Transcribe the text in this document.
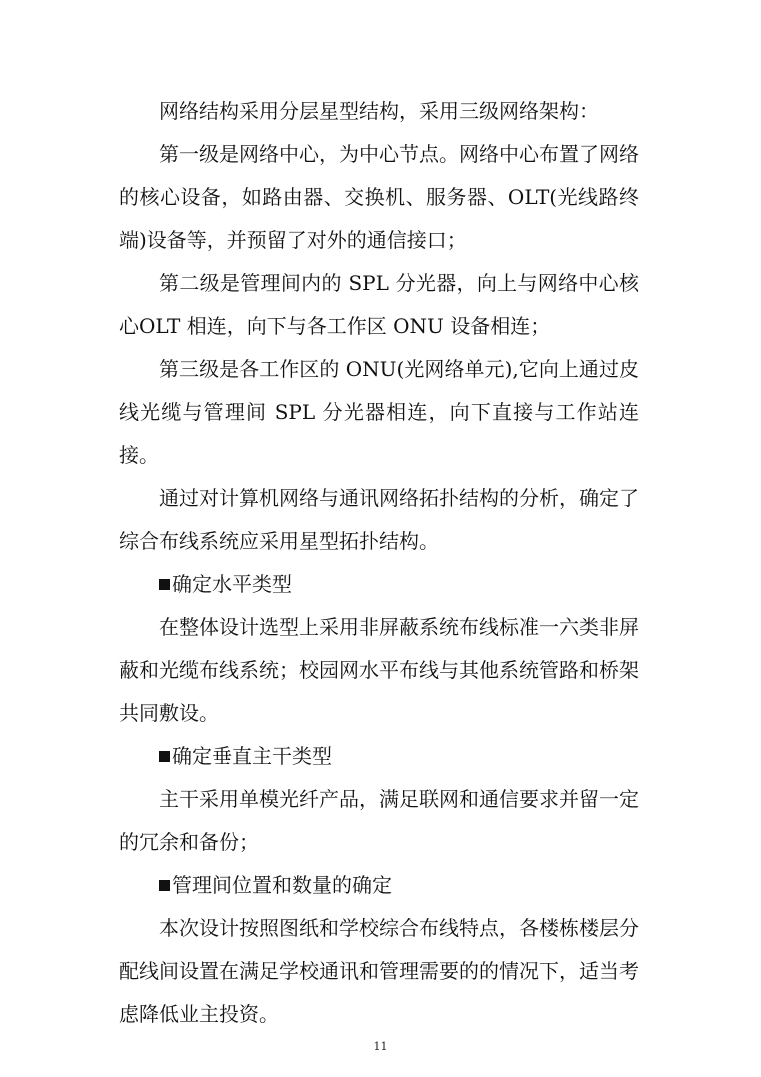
网络结构采用分层星型结构，采用三级网络架构：

第一级是网络中心，为中心节点。网络中心布置了网络的核心设备，如路由器、交换机、服务器、OLT(光线路终端)设备等，并预留了对外的通信接口；

第二级是管理间内的 SPL 分光器，向上与网络中心核心OLT 相连，向下与各工作区 ONU 设备相连；

第三级是各工作区的 ONU(光网络单元),它向上通过皮线光缆与管理间 SPL 分光器相连，向下直接与工作站连接。

通过对计算机网络与通讯网络拓扑结构的分析，确定了综合布线系统应采用星型拓扑结构。

确定水平类型

在整体设计选型上采用非屏蔽系统布线标准一六类非屏蔽和光缆布线系统；校园网水平布线与其他系统管路和桥架共同敷设。

确定垂直主干类型

主干采用单模光纤产品，满足联网和通信要求并留一定的冗余和备份；

管理间位置和数量的确定

本次设计按照图纸和学校综合布线特点，各楼栋楼层分配线间设置在满足学校通讯和管理需要的的情况下，适当考虑降低业主投资。

11
